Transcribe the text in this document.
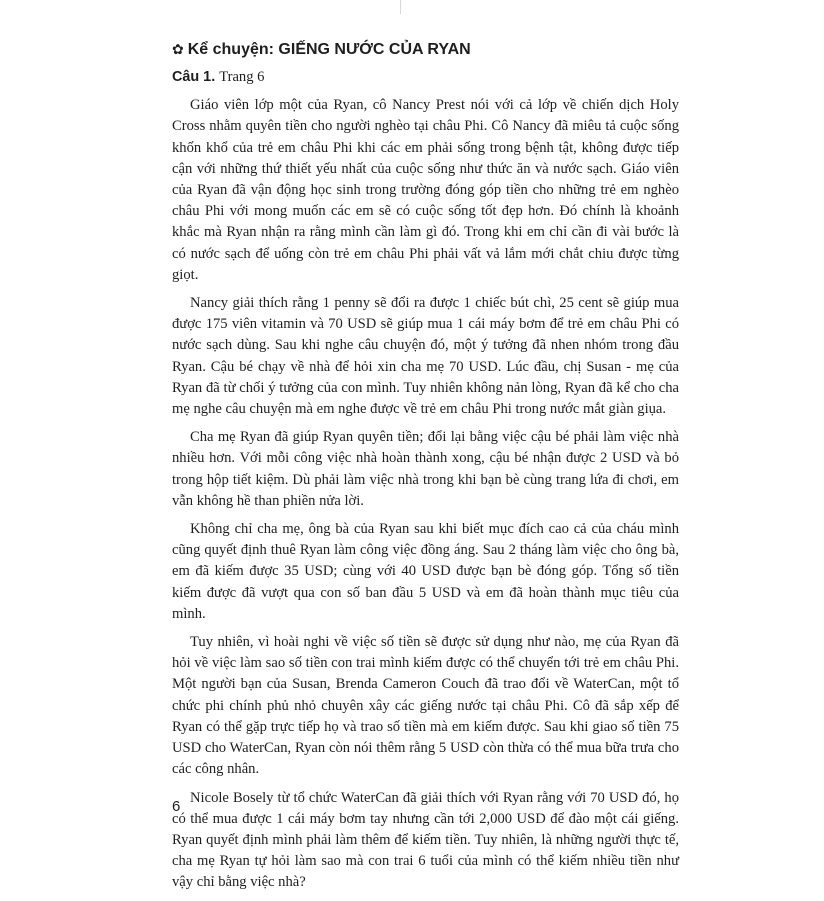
✿ Kể chuyện: GIẾNG NƯỚC CỦA RYAN
Câu 1. Trang 6

Giáo viên lớp một của Ryan, cô Nancy Prest nói với cả lớp về chiến dịch Holy Cross nhằm quyên tiền cho người nghèo tại châu Phi. Cô Nancy đã miêu tả cuộc sống khốn khổ của trẻ em châu Phi khi các em phải sống trong bệnh tật, không được tiếp cận với những thứ thiết yếu nhất của cuộc sống như thức ăn và nước sạch. Giáo viên của Ryan đã vận động học sinh trong trường đóng góp tiền cho những trẻ em nghèo châu Phi với mong muốn các em sẽ có cuộc sống tốt đẹp hơn. Đó chính là khoảnh khắc mà Ryan nhận ra rằng mình cần làm gì đó. Trong khi em chỉ cần đi vài bước là có nước sạch để uống còn trẻ em châu Phi phải vất vả lắm mới chắt chiu được từng giọt.

Nancy giải thích rằng 1 penny sẽ đổi ra được 1 chiếc bút chì, 25 cent sẽ giúp mua được 175 viên vitamin và 70 USD sẽ giúp mua 1 cái máy bơm để trẻ em châu Phi có nước sạch dùng. Sau khi nghe câu chuyện đó, một ý tưởng đã nhen nhóm trong đầu Ryan. Cậu bé chạy về nhà để hỏi xin cha mẹ 70 USD. Lúc đầu, chị Susan - mẹ của Ryan đã từ chối ý tưởng của con mình. Tuy nhiên không nản lòng, Ryan đã kể cho cha mẹ nghe câu chuyện mà em nghe được về trẻ em châu Phi trong nước mắt giàn giụa.

Cha mẹ Ryan đã giúp Ryan quyên tiền; đổi lại bằng việc cậu bé phải làm việc nhà nhiều hơn. Với mỗi công việc nhà hoàn thành xong, cậu bé nhận được 2 USD và bỏ trong hộp tiết kiệm. Dù phải làm việc nhà trong khi bạn bè cùng trang lứa đi chơi, em vẫn không hề than phiền nửa lời.

Không chỉ cha mẹ, ông bà của Ryan sau khi biết mục đích cao cả của cháu mình cũng quyết định thuê Ryan làm công việc đồng áng. Sau 2 tháng làm việc cho ông bà, em đã kiếm được 35 USD; cùng với 40 USD được bạn bè đóng góp. Tổng số tiền kiếm được đã vượt qua con số ban đầu 5 USD và em đã hoàn thành mục tiêu của mình.

Tuy nhiên, vì hoài nghi về việc số tiền sẽ được sử dụng như nào, mẹ của Ryan đã hỏi về việc làm sao số tiền con trai mình kiếm được có thể chuyển tới trẻ em châu Phi. Một người bạn của Susan, Brenda Cameron Couch đã trao đổi về WaterCan, một tổ chức phi chính phủ nhỏ chuyên xây các giếng nước tại châu Phi. Cô đã sắp xếp để Ryan có thể gặp trực tiếp họ và trao số tiền mà em kiếm được. Sau khi giao số tiền 75 USD cho WaterCan, Ryan còn nói thêm rằng 5 USD còn thừa có thể mua bữa trưa cho các công nhân.

Nicole Bosely từ tổ chức WaterCan đã giải thích với Ryan rằng với 70 USD đó, họ có thể mua được 1 cái máy bơm tay nhưng cần tới 2,000 USD để đào một cái giếng. Ryan quyết định mình phải làm thêm để kiếm tiền. Tuy nhiên, là những người thực tế, cha mẹ Ryan tự hỏi làm sao mà con trai 6 tuổi của mình có thể kiếm nhiều tiền như vậy chỉ bằng việc nhà?

6
